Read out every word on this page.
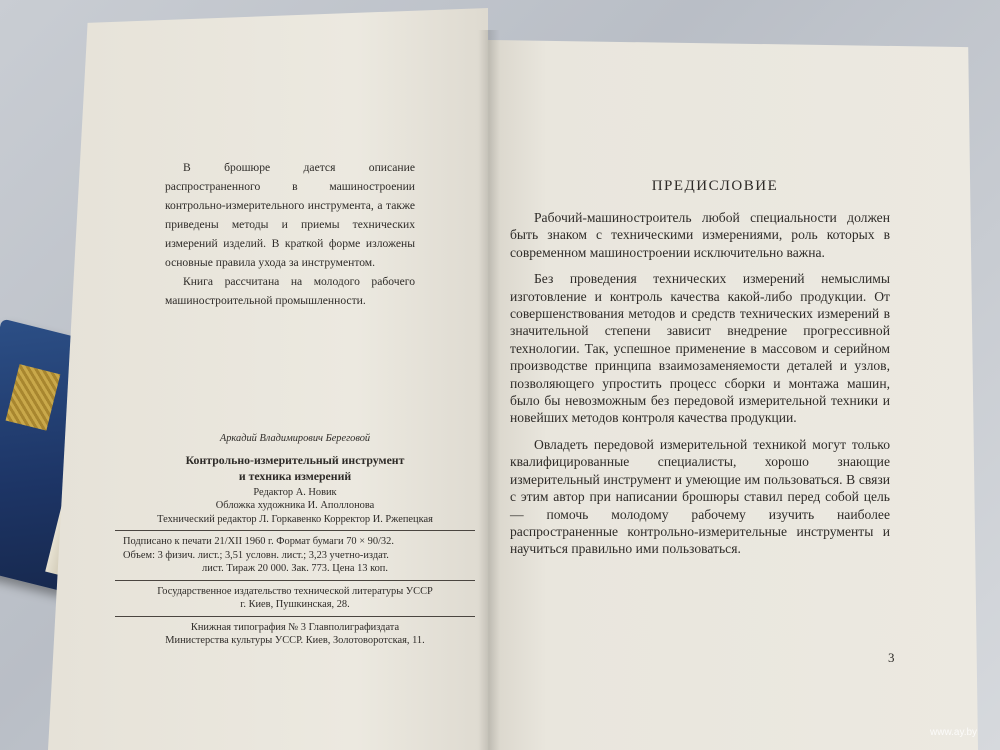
В брошюре дается описание распространенного в машиностроении контрольно-измерительного инструмента, а также приведены методы и приемы технических измерений изделий. В краткой форме изложены основные правила ухода за инструментом.

Книга рассчитана на молодого рабочего машиностроительной промышленности.

Аркадий Владимирович Береговой
Контрольно-измерительный инструмент
и техника измерений
Редактор А. Новик
Обложка художника И. Аполлонова
Технический редактор Л. Горкавенко Корректор И. Ржепецкая
Подписано к печати 21/XII 1960 г. Формат бумаги 70 × 90/32.
Объем: 3 физич. лист.; 3,51 условн. лист.; 3,23 учетно-издат.
лист. Тираж 20 000. Зак. 773. Цена 13 коп.
Государственное издательство технической литературы УССР
г. Киев, Пушкинская, 28.
Книжная типография № 3 Главполиграфиздата
Министерства культуры УССР. Киев, Золотоворотская, 11.
ПРЕДИСЛОВИЕ

Рабочий-машиностроитель любой специальности должен быть знаком с техническими измерениями, роль которых в современном машиностроении исключительно важна.

Без проведения технических измерений немыслимы изготовление и контроль качества какой-либо продукции. От совершенствования методов и средств технических измерений в значительной степени зависит внедрение прогрессивной технологии. Так, успешное применение в массовом и серийном производстве принципа взаимозаменяемости деталей и узлов, позволяющего упростить процесс сборки и монтажа машин, было бы невозможным без передовой измерительной техники и новейших методов контроля качества продукции.

Овладеть передовой измерительной техникой могут только квалифицированные специалисты, хорошо знающие измерительный инструмент и умеющие им пользоваться. В связи с этим автор при написании брошюры ставил перед собой цель — помочь молодому рабочему изучить наиболее распространенные контрольно-измерительные инструменты и научиться правильно ими пользоваться.

3
www.ay.by
